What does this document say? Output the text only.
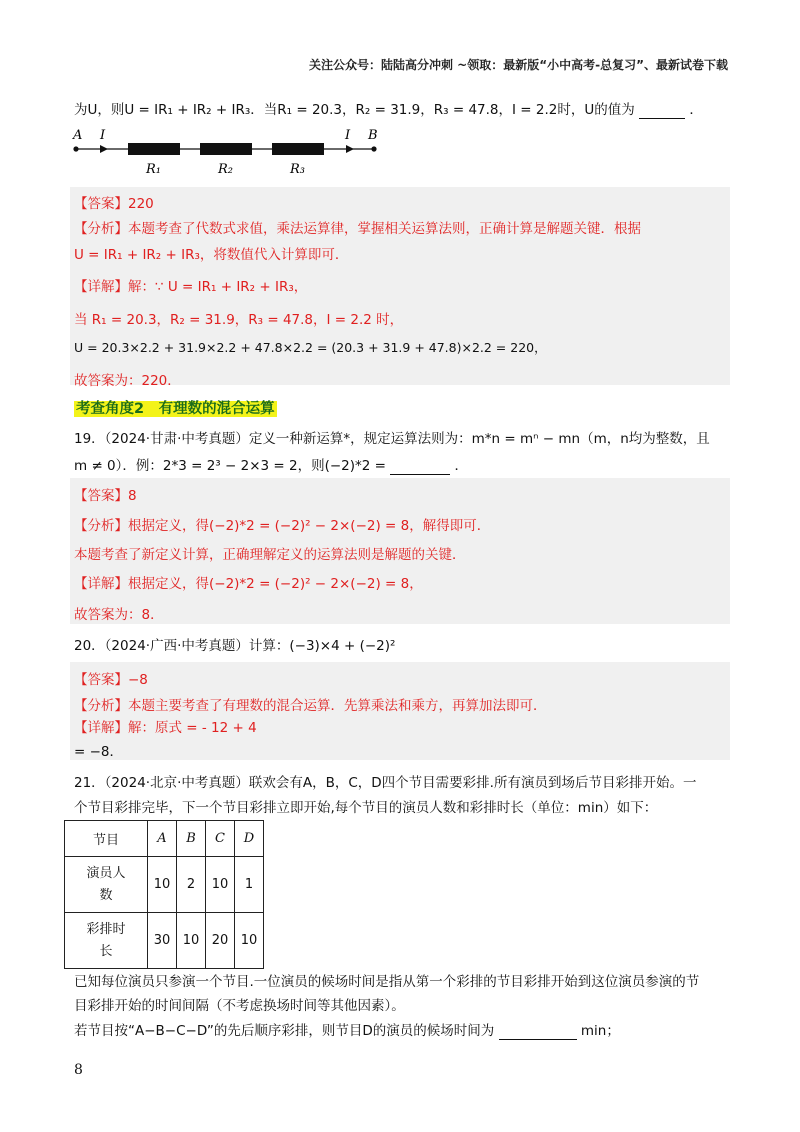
关注公众号：陆陆高分冲刺 ~领取：最新版“小中高考-总复习”、最新试卷下载
为U，则U = IR₁ + IR₂ + IR₃．当R₁ = 20.3，R₂ = 31.9，R₃ = 47.8，I = 2.2时，U的值为	．
A I	I B
R₁	R₂	R₃
【答案】220
【分析】本题考查了代数式求值，乘法运算律，掌握相关运算法则，正确计算是解题关键．根据
U = IR₁ + IR₂ + IR₃，将数值代入计算即可．
【详解】解：∵ U = IR₁ + IR₂ + IR₃，
当 R₁ = 20.3，R₂ = 31.9，R₃ = 47.8，I = 2.2 时，
U = 20.3×2.2 + 31.9×2.2 + 47.8×2.2 = (20.3 + 31.9 + 47.8)×2.2 = 220，
故答案为：220．
考查角度2　有理数的混合运算
19．（2024·甘肃·中考真题）定义一种新运算*，规定运算法则为：m*n = mⁿ − mn（m，n均为整数，且
m ≠ 0）．例：2*3 = 2³ − 2×3 = 2，则(−2)*2 =	．
【答案】8
【分析】根据定义，得(−2)*2 = (−2)² − 2×(−2) = 8，解得即可．
本题考查了新定义计算，正确理解定义的运算法则是解题的关键．
【详解】根据定义，得(−2)*2 = (−2)² − 2×(−2) = 8，
故答案为：8．
20．（2024·广西·中考真题）计算：(−3)×4 + (−2)²
【答案】−8
【分析】本题主要考查了有理数的混合运算．先算乘法和乘方，再算加法即可．
【详解】解：原式 = - 12 + 4
= −8．
21．（2024·北京·中考真题）联欢会有A，B，C，D四个节目需要彩排.所有演员到场后节目彩排开始。一
个节目彩排完毕，下一个节目彩排立即开始,每个节目的演员人数和彩排时长（单位：min）如下：
节目	A	B	C	D
演员人
数	10	2	10	1
彩排时
长	30	10	20	10
已知每位演员只参演一个节目.一位演员的候场时间是指从第一个彩排的节目彩排开始到这位演员参演的节
目彩排开始的时间间隔（不考虑换场时间等其他因素）。
若节目按“A−B−C−D”的先后顺序彩排，则节目D的演员的候场时间为	min；
8
